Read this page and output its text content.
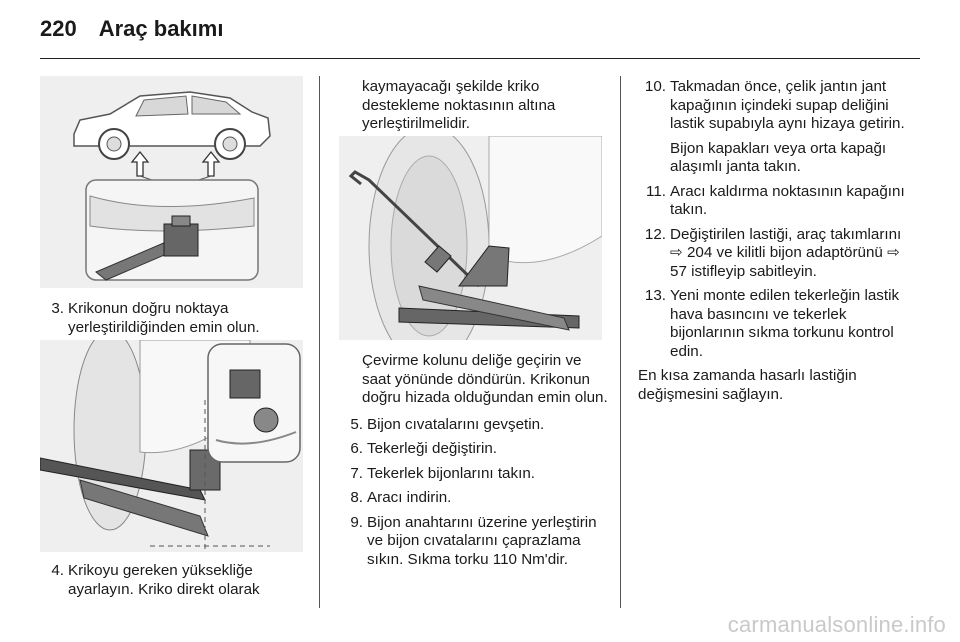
220 Araç bakımı
3. Krikonun doğru noktaya yerleştirildiğinden emin olun.
4. Krikoyu gereken yüksekliğe ayarlayın. Kriko direkt olarak
kaymayacağı şekilde kriko destekleme noktasının altına yerleştirilmelidir.
Çevirme kolunu deliğe geçirin ve saat yönünde döndürün. Krikonun doğru hizada olduğundan emin olun.
5. Bijon cıvatalarını gevşetin.
6. Tekerleği değiştirin.
7. Tekerlek bijonlarını takın.
8. Aracı indirin.
9. Bijon anahtarını üzerine yerleştirin ve bijon cıvatalarını çaprazlama sıkın. Sıkma torku 110 Nm'dir.
10. Takmadan önce, çelik jantın jant kapağının içindeki supap deliğini lastik supabıyla aynı hizaya getirin.
Bijon kapakları veya orta kapağı alaşımlı janta takın.
11. Aracı kaldırma noktasının kapağını takın.
12. Değiştirilen lastiği, araç takımlarını ⇨ 204 ve kilitli bijon adaptörünü ⇨ 57 istifleyip sabitleyin.
13. Yeni monte edilen tekerleğin lastik hava basıncını ve tekerlek bijonlarının sıkma torkunu kontrol edin.
En kısa zamanda hasarlı lastiğin değişmesini sağlayın.
carmanualsonline.info
